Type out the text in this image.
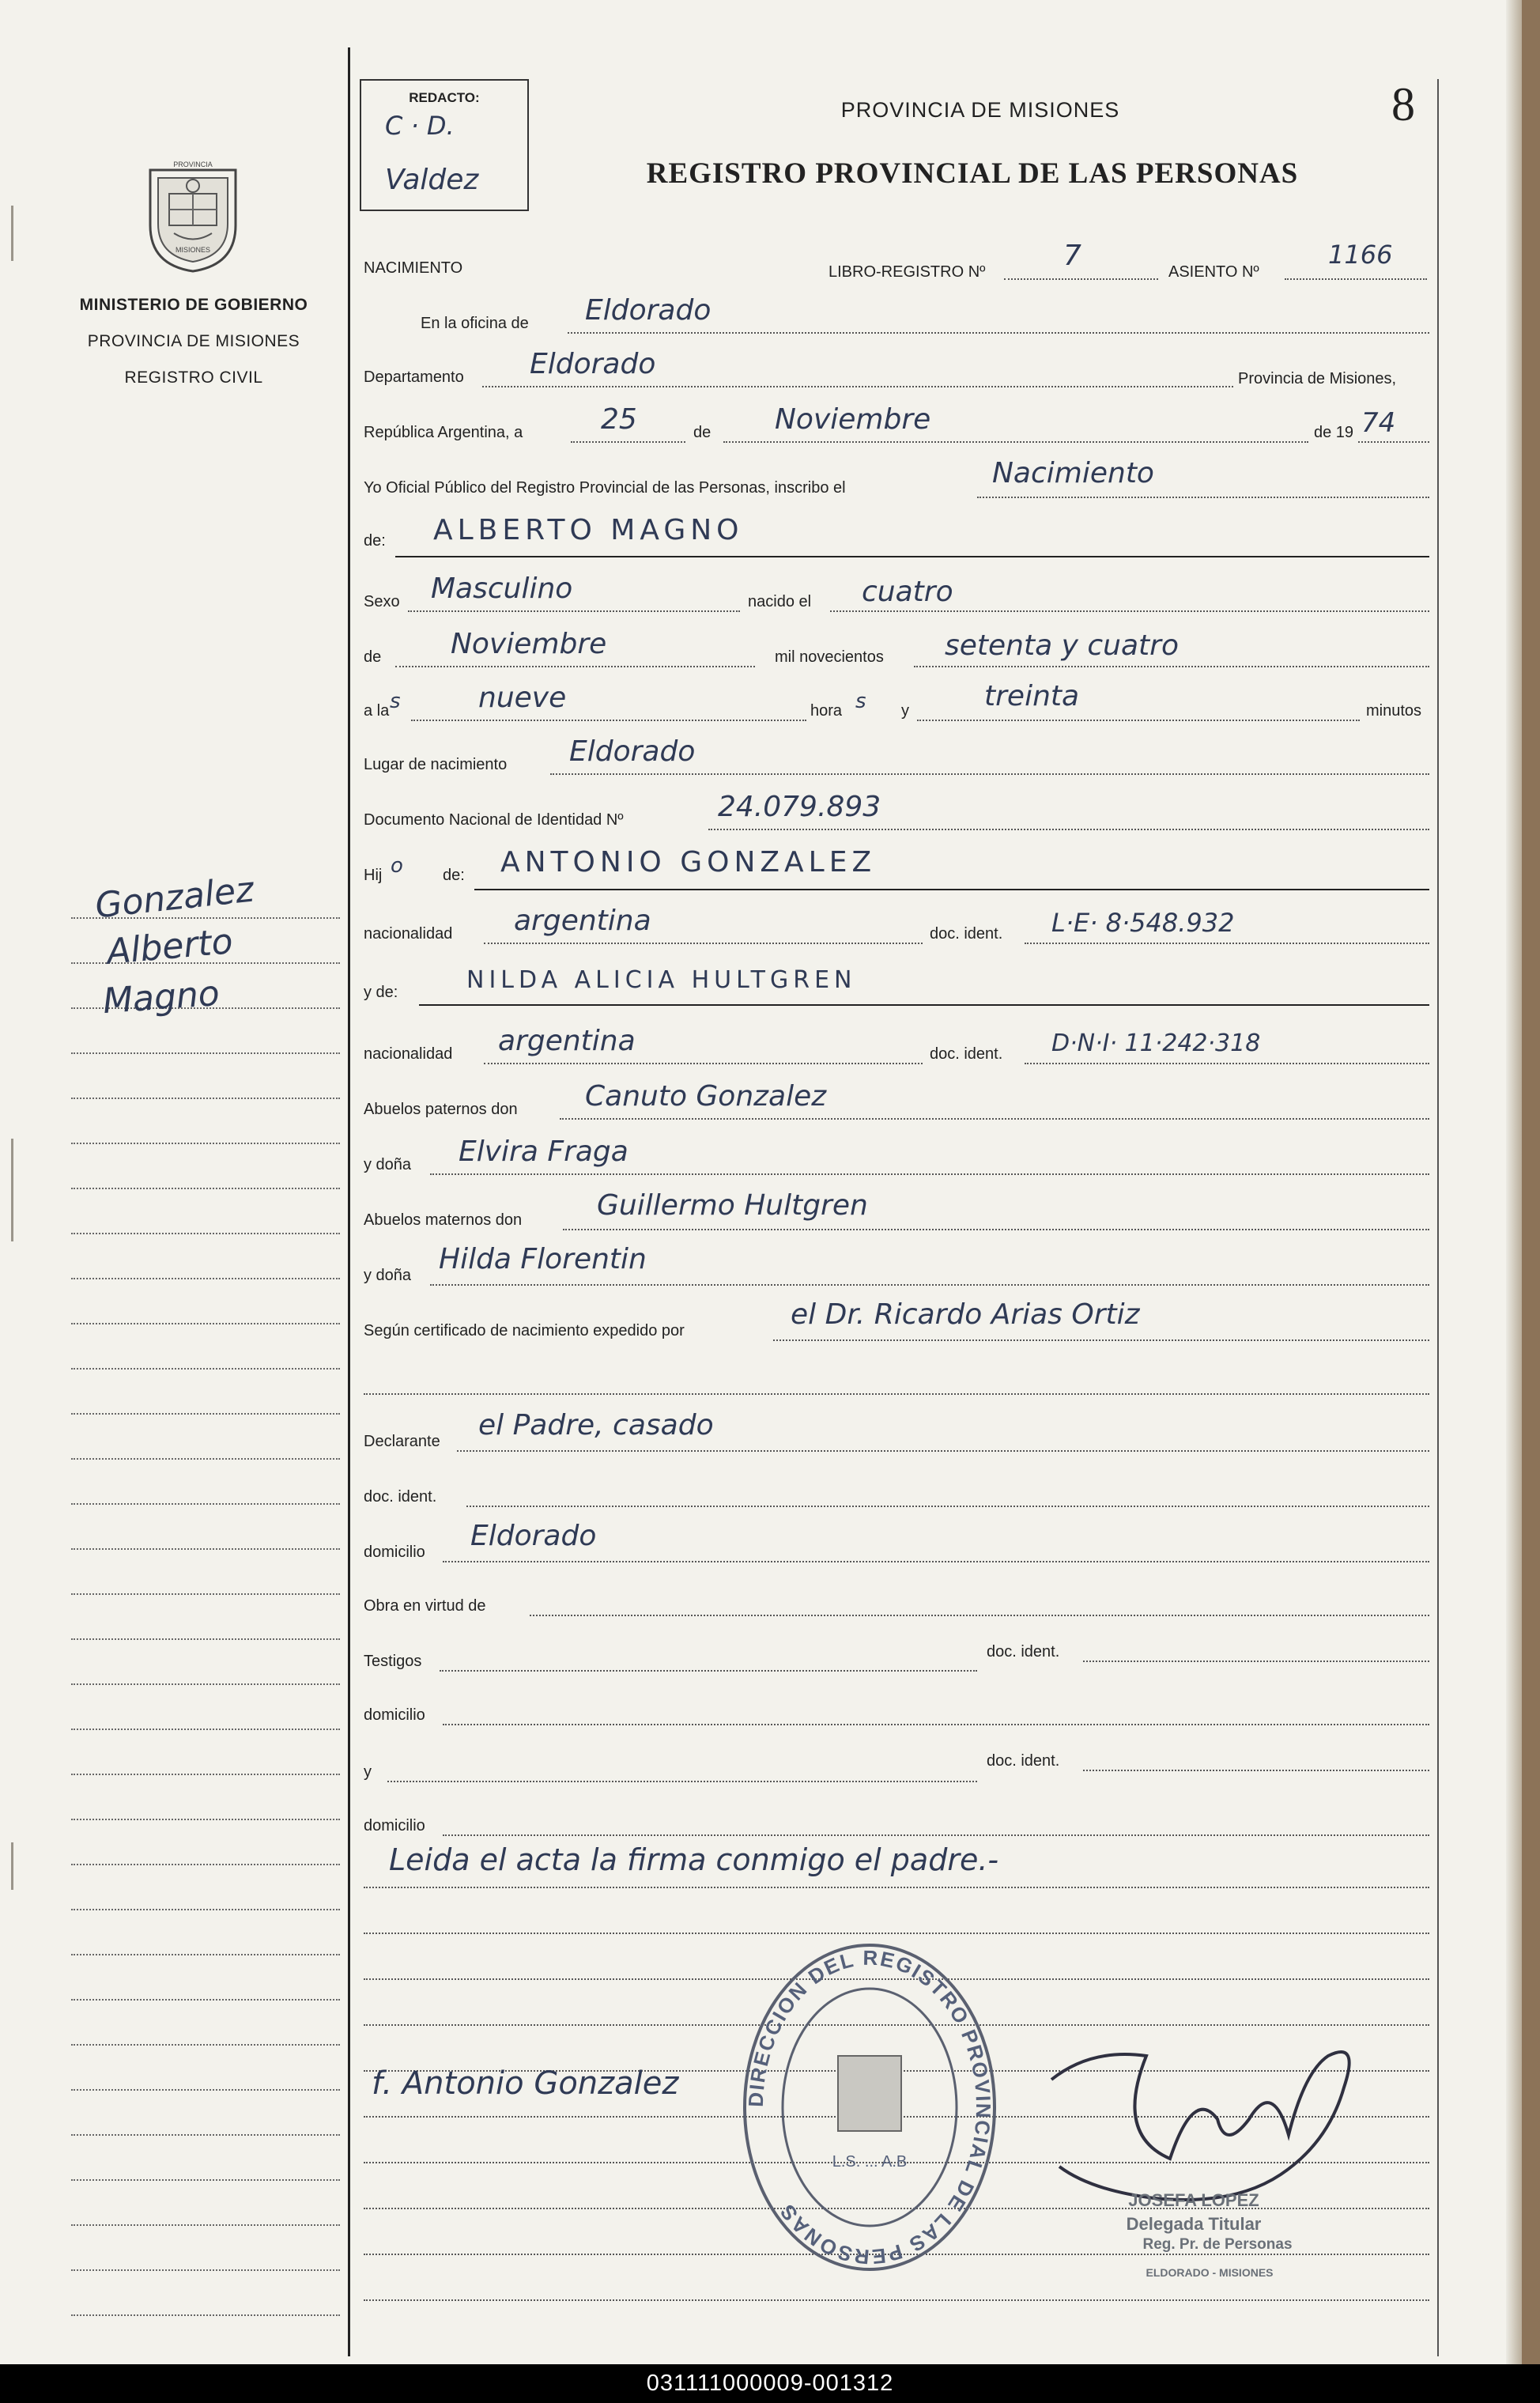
PROVINCIA
MISIONES
MINISTERIO DE GOBIERNO
PROVINCIA DE MISIONES
REGISTRO CIVIL
Gonzalez
Alberto
Magno
REDACTO:
C · D.
Valdez
8
PROVINCIA DE MISIONES
REGISTRO PROVINCIAL DE LAS PERSONAS
NACIMIENTO	LIBRO-REGISTRO Nº	7	ASIENTO Nº
1166
En la oficina de Eldorado
Departamento Eldorado	Provincia de Misiones,
República Argentina, a	25	de Noviembre	de 19 74
Yo Oficial Público del Registro Provincial de las Personas, inscribo el	Nacimiento
de: ALBERTO MAGNO
Sexo Masculino	nacido el cuatro
de Noviembre	mil novecientos setenta y cuatro
a la s	nueve	hora s y	treinta	minutos
Lugar de nacimiento Eldorado
Documento Nacional de Identidad Nº	24.079.893
Hij o	de: ANTONIO GONZALEZ
nacionalidad argentina	doc. ident. L·E· 8·548.932
y de:	NILDA ALICIA HULTGREN
nacionalidad argentina	doc. ident. D·N·I· 11·242·318
Abuelos paternos don Canuto Gonzalez
y doña Elvira Fraga
Abuelos maternos don	Guillermo Hultgren
y doña Hilda Florentin
Según certificado de nacimiento expedido por	el Dr. Ricardo Arias Ortiz
Declarante el Padre, casado
doc. ident.
domicilio Eldorado
Obra en virtud de
Testigos
doc. ident.
domicilio
y
doc. ident.
domicilio
Leida el acta la firma conmigo el padre.-
f. Antonio Gonzalez	DIRECCION DEL REGISTRO PROVINCIAL DE LAS PERSONAS
L.S. ... A.B
JOSEFA LOPEZ
Delegada Titular
Reg. Pr. de Personas
ELDORADO - MISIONES
031111000009-001312
